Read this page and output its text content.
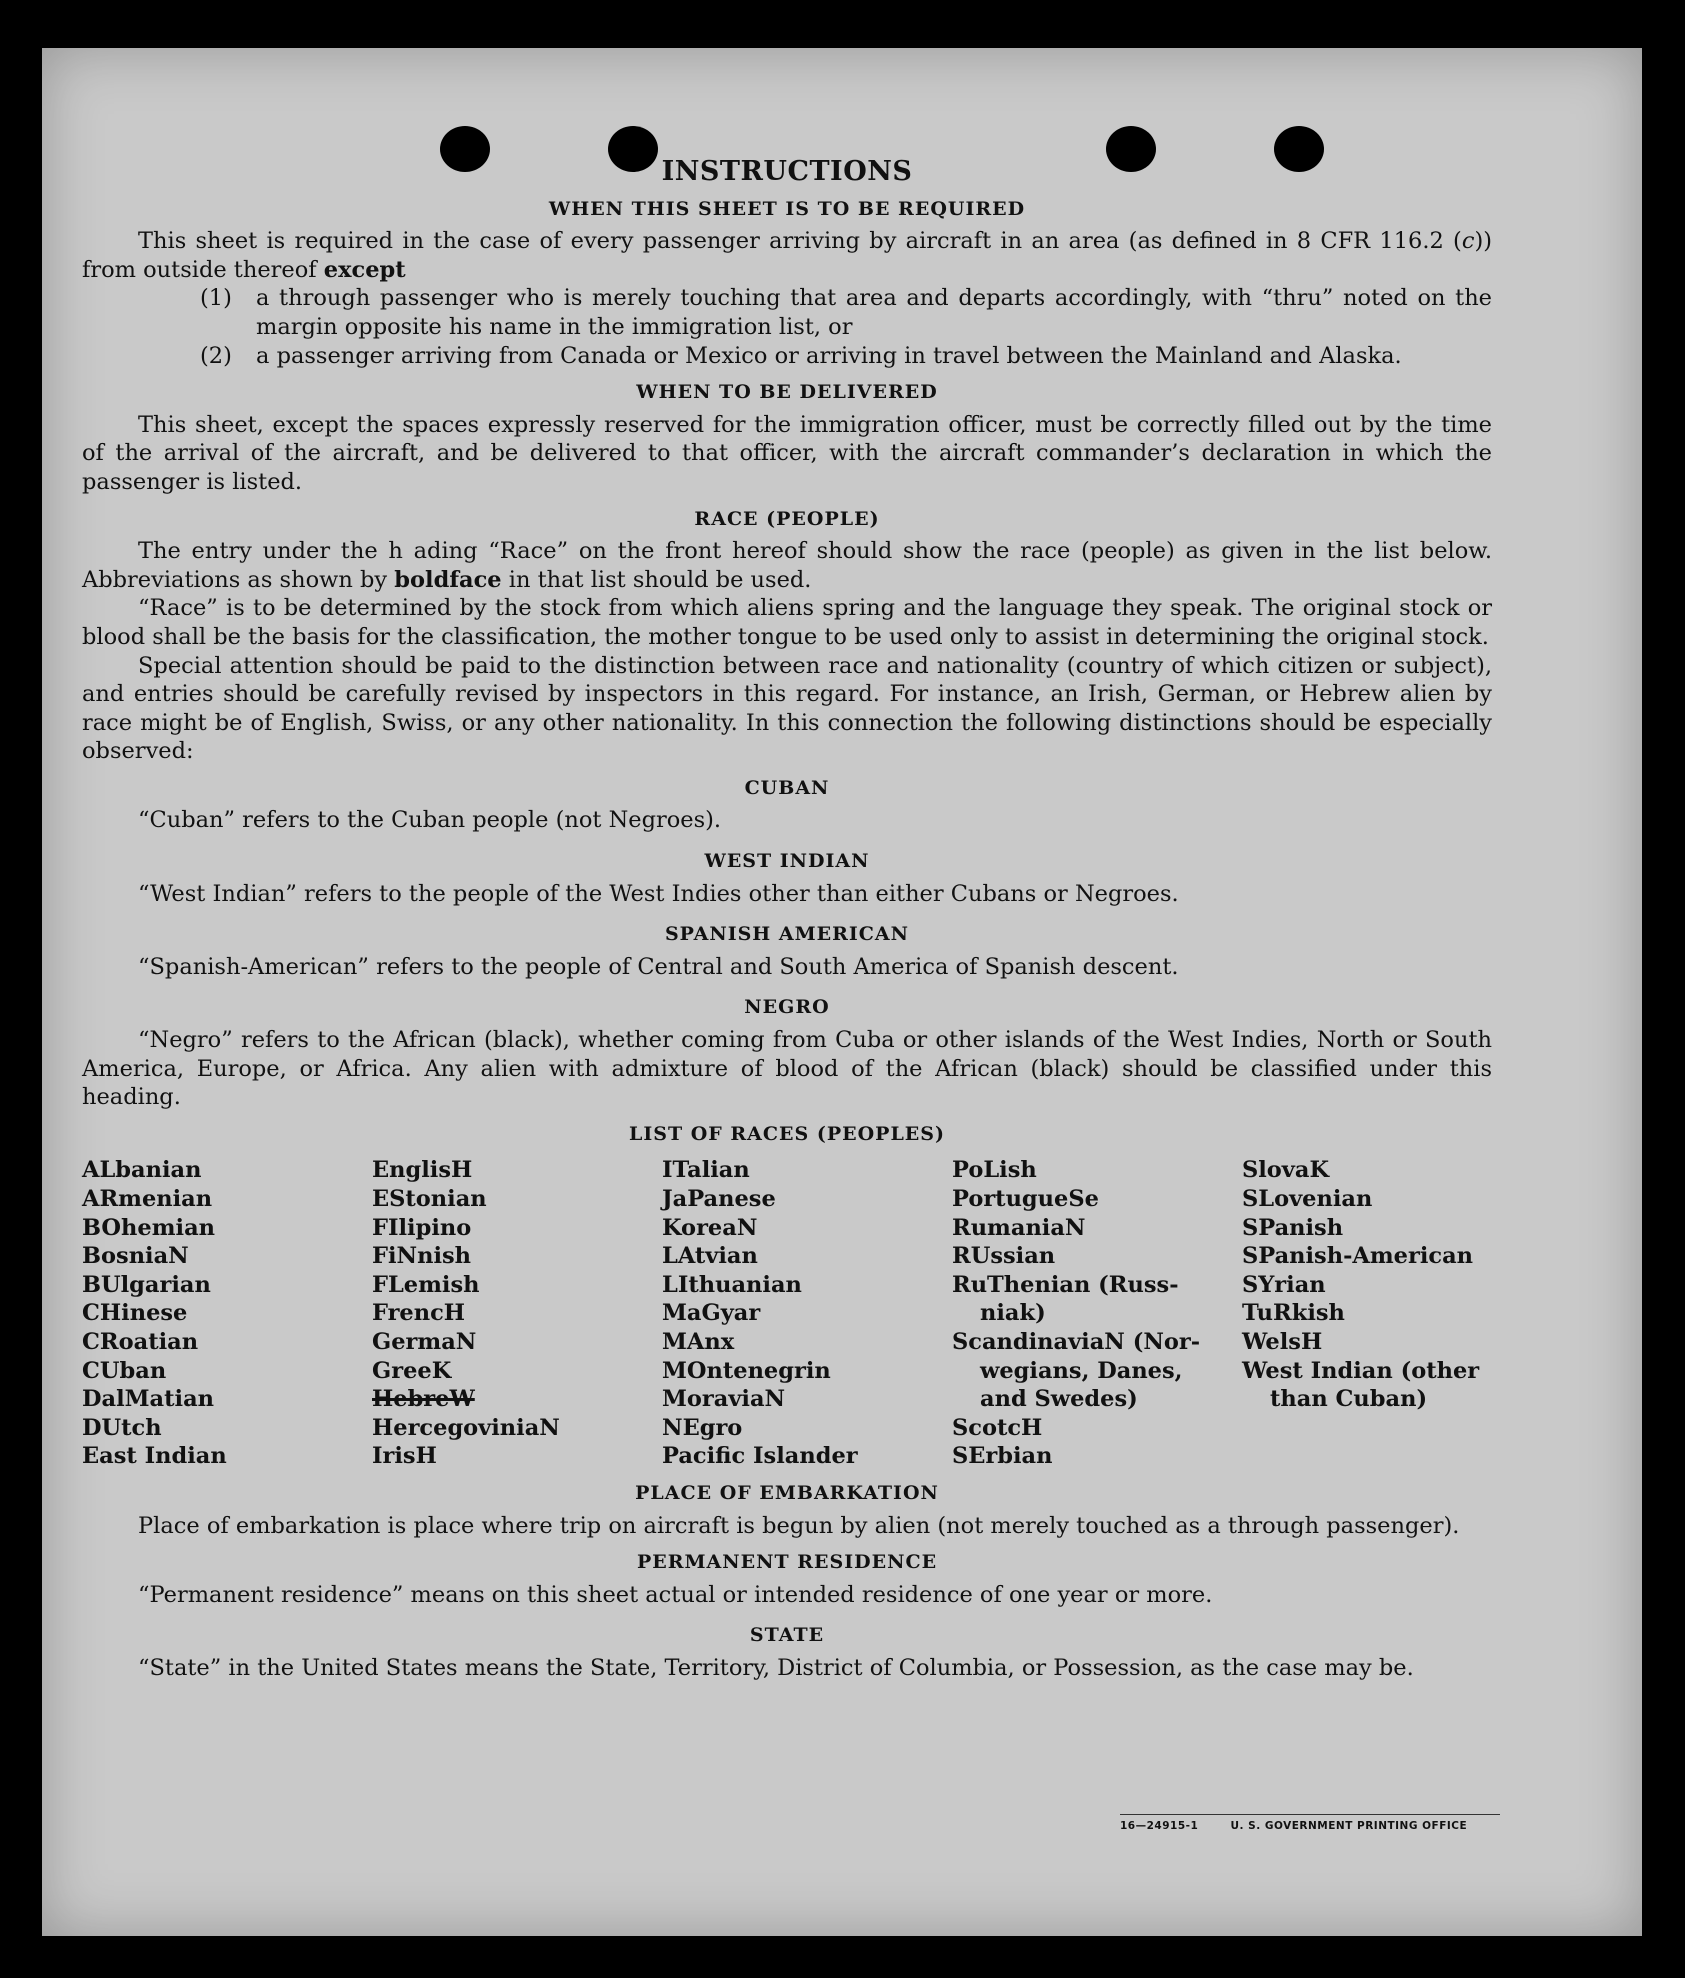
INSTRUCTIONS
WHEN THIS SHEET IS TO BE REQUIRED

This sheet is required in the case of every passenger arriving by aircraft in an area (as defined in 8 CFR 116.2 (c)) from outside thereof except

(1)	a through passenger who is merely touching that area and departs accordingly, with “thru” noted on the margin opposite his name in the immigration list, or
(2)	a passenger arriving from Canada or Mexico or arriving in travel between the Mainland and Alaska.
WHEN TO BE DELIVERED

This sheet, except the spaces expressly reserved for the immigration officer, must be correctly filled out by the time of the arrival of the aircraft, and be delivered to that officer, with the aircraft commander’s declaration in which the passenger is listed.

RACE (PEOPLE)

The entry under the h ading “Race” on the front hereof should show the race (people) as given in the list below. Abbreviations as shown by boldface in that list should be used.

“Race” is to be determined by the stock from which aliens spring and the language they speak. The original stock or blood shall be the basis for the classification, the mother tongue to be used only to assist in determining the original stock.

Special attention should be paid to the distinction between race and nationality (country of which citizen or subject), and entries should be carefully revised by inspectors in this regard. For instance, an Irish, German, or Hebrew alien by race might be of English, Swiss, or any other nationality. In this connection the following distinctions should be especially observed:

CUBAN

“Cuban” refers to the Cuban people (not Negroes).

WEST INDIAN

“West Indian” refers to the people of the West Indies other than either Cubans or Negroes.

SPANISH AMERICAN

“Spanish-American” refers to the people of Central and South America of Spanish descent.

NEGRO

“Negro” refers to the African (black), whether coming from Cuba or other islands of the West Indies, North or South America, Europe, or Africa. Any alien with admixture of blood of the African (black) should be classified under this heading.

LIST OF RACES (PEOPLES)
ALbanian
ARmenian
BOhemian
BosniaN
BUlgarian
CHinese
CRoatian
CUban
DalMatian
DUtch
East Indian
EnglisH
EStonian
FIlipino
FiNnish
FLemish
FrencH
GermaN
GreeK
HebreW
HercegoviniaN
IrisH
ITalian
JaPanese
KoreaN
LAtvian
LIthuanian
MaGyar
MAnx
MOntenegrin
MoraviaN
NEgro
Pacific Islander
PoLish
PortugueSe
RumaniaN
RUssian
RuThenian (Russ-
niak)
ScandinaviaN (Nor-
wegians, Danes,
and Swedes)
ScotcH
SErbian
SlovaK
SLovenian
SPanish
SPanish-American
SYrian
TuRkish
WelsH
West Indian (other
than Cuban)
PLACE OF EMBARKATION

Place of embarkation is place where trip on aircraft is begun by alien (not merely touched as a through passenger).

PERMANENT RESIDENCE

“Permanent residence” means on this sheet actual or intended residence of one year or more.

STATE

“State” in the United States means the State, Territory, District of Columbia, or Possession, as the case may be.

16—24915-1	U. S. GOVERNMENT PRINTING OFFICE
